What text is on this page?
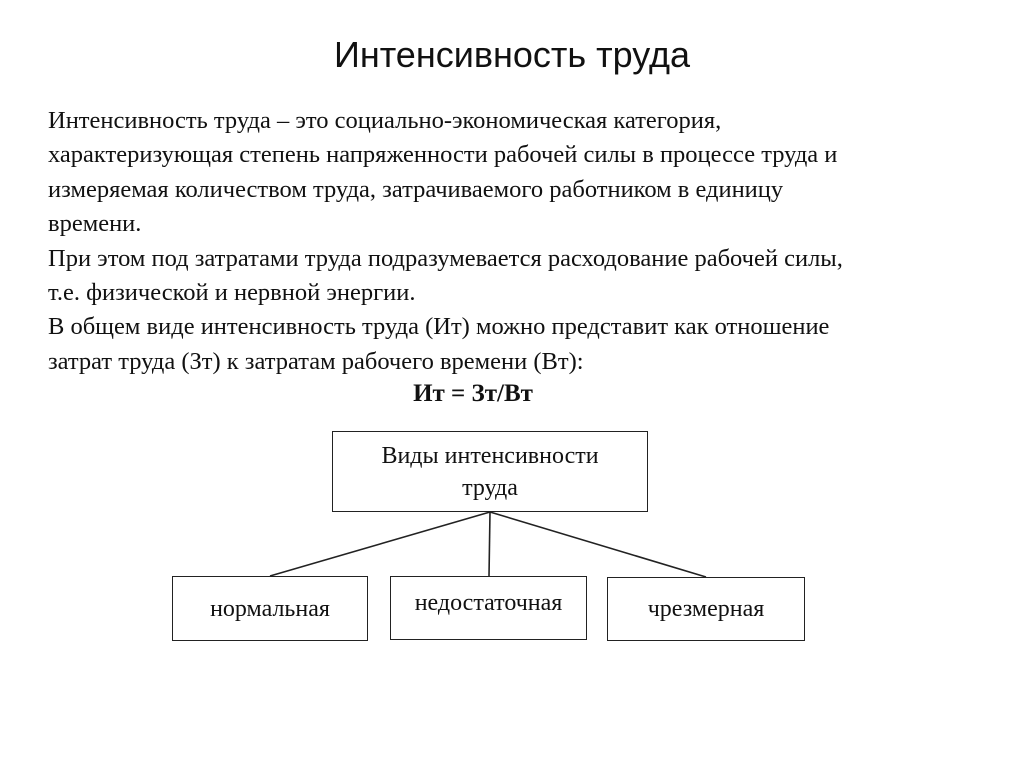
Интенсивность труда

Интенсивность труда – это социально-экономическая категория,
характеризующая степень напряженности рабочей силы в процессе труда и
измеряемая количеством труда, затрачиваемого работником в единицу
времени.

При этом под затратами труда подразумевается расходование рабочей силы,
т.е. физической и нервной энергии.

В общем виде интенсивность труда (Ит) можно представит как отношение
затрат труда (Зт) к затратам рабочего времени (Вт):

Ит = Зт/Вт
Виды интенсивности
труда
нормальная	недостаточная	чрезмерная
